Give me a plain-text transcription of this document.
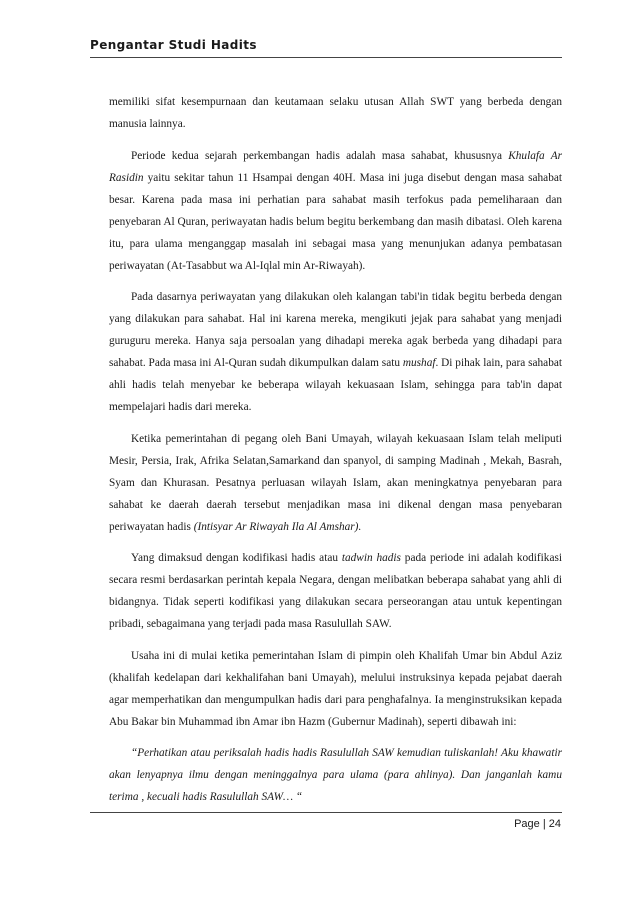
Pengantar Studi Hadits

memiliki sifat kesempurnaan dan keutamaan selaku utusan Allah SWT yang berbeda dengan manusia lainnya.

Periode kedua sejarah perkembangan hadis adalah masa sahabat, khususnya Khulafa Ar Rasidin yaitu sekitar tahun 11 Hsampai dengan 40H. Masa ini juga disebut dengan masa sahabat besar. Karena pada masa ini perhatian para sahabat masih terfokus pada pemeliharaan dan penyebaran Al Quran, periwayatan hadis belum begitu berkembang dan masih dibatasi. Oleh karena itu, para ulama menganggap masalah ini sebagai masa yang menunjukan adanya pembatasan periwayatan (At-Tasabbut wa Al-Iqlal min Ar-Riwayah).

Pada dasarnya periwayatan yang dilakukan oleh kalangan tabi'in tidak begitu berbeda dengan yang dilakukan para sahabat. Hal ini karena mereka, mengikuti jejak para sahabat yang menjadi guruguru mereka. Hanya saja persoalan yang dihadapi mereka agak berbeda yang dihadapi para sahabat. Pada masa ini Al-Quran sudah dikumpulkan dalam satu mushaf. Di pihak lain, para sahabat ahli hadis telah menyebar ke beberapa wilayah kekuasaan Islam, sehingga para tab'in dapat mempelajari hadis dari mereka.

Ketika pemerintahan di pegang oleh Bani Umayah, wilayah kekuasaan Islam telah meliputi Mesir, Persia, Irak, Afrika Selatan,Samarkand dan spanyol, di samping Madinah , Mekah, Basrah, Syam dan Khurasan. Pesatnya perluasan wilayah Islam, akan meningkatnya penyebaran para sahabat ke daerah daerah tersebut menjadikan masa ini dikenal dengan masa penyebaran periwayatan hadis (Intisyar Ar Riwayah Ila Al Amshar).

Yang dimaksud dengan kodifikasi hadis atau tadwin hadis pada periode ini adalah kodifikasi secara resmi berdasarkan perintah kepala Negara, dengan melibatkan beberapa sahabat yang ahli di bidangnya. Tidak seperti kodifikasi yang dilakukan secara perseorangan atau untuk kepentingan pribadi, sebagaimana yang terjadi pada masa Rasulullah SAW.

Usaha ini di mulai ketika pemerintahan Islam di pimpin oleh Khalifah Umar bin Abdul Aziz (khalifah kedelapan dari kekhalifahan bani Umayah), melului instruksinya kepada pejabat daerah agar memperhatikan dan mengumpulkan hadis dari para penghafalnya. Ia menginstruksikan kepada Abu Bakar bin Muhammad ibn Amar ibn Hazm (Gubernur Madinah), seperti dibawah ini:

“Perhatikan atau periksalah hadis hadis Rasulullah SAW kemudian tuliskanlah! Aku khawatir akan lenyapnya ilmu dengan meninggalnya para ulama (para ahlinya). Dan janganlah kamu terima , kecuali hadis Rasulullah SAW… “

Page | 24
